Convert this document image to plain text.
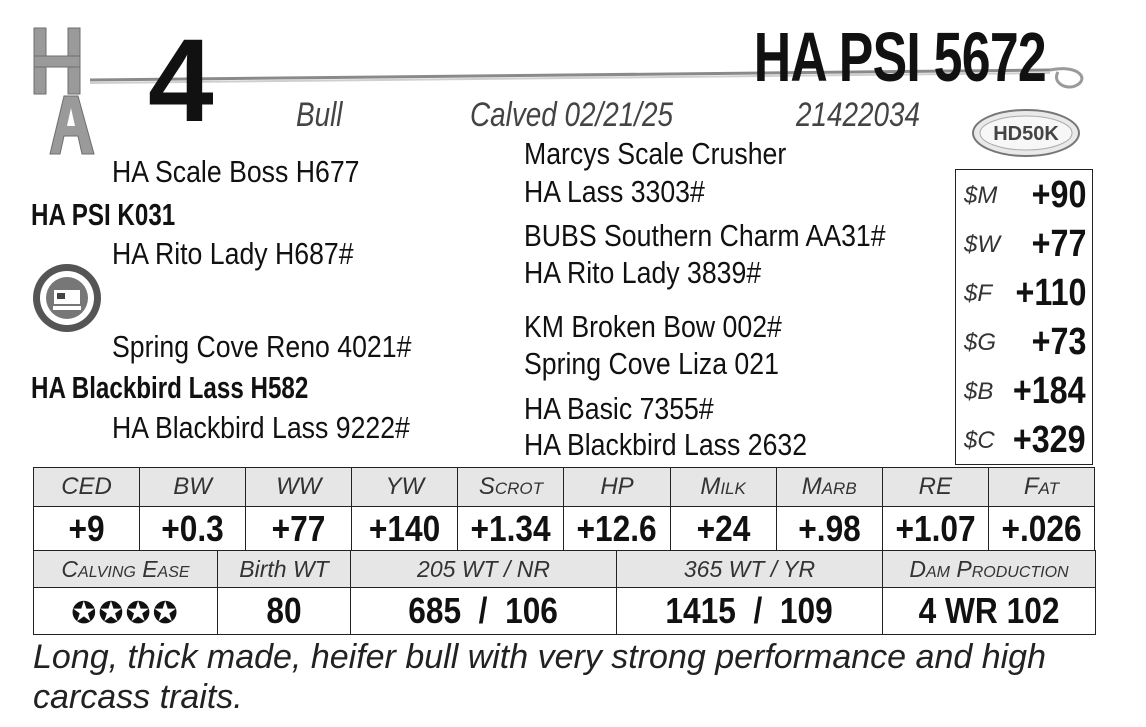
4	HA PSI 5672
Bull	Calved 02/21/25	21422034	HD50K
HA Scale Boss H677
HA PSI K031
HA Rito Lady H687#
Spring Cove Reno 4021#
HA Blackbird Lass H582
HA Blackbird Lass 9222#
Marcys Scale Crusher
HA Lass 3303#
BUBS Southern Charm AA31#
HA Rito Lady 3839#
KM Broken Bow 002#
Spring Cove Liza 021
HA Basic 7355#
HA Blackbird Lass 2632
$M +90
$W +77
$F +110
$G +73
$B +184
$C +329
CED	BW	WW	YW	Scrot	HP	Milk	Marb	RE	Fat
+9	+0.3	+77	+140	+1.34	+12.6	+24	+.98	+1.07	+.026
Calving Ease	Birth WT	205 WT / NR	365 WT / YR	Dam Production
✪✪✪✪	80	685  /  106	1415  /  109	4 WR 102
Long, thick made, heifer bull with very strong performance and high carcass traits.
